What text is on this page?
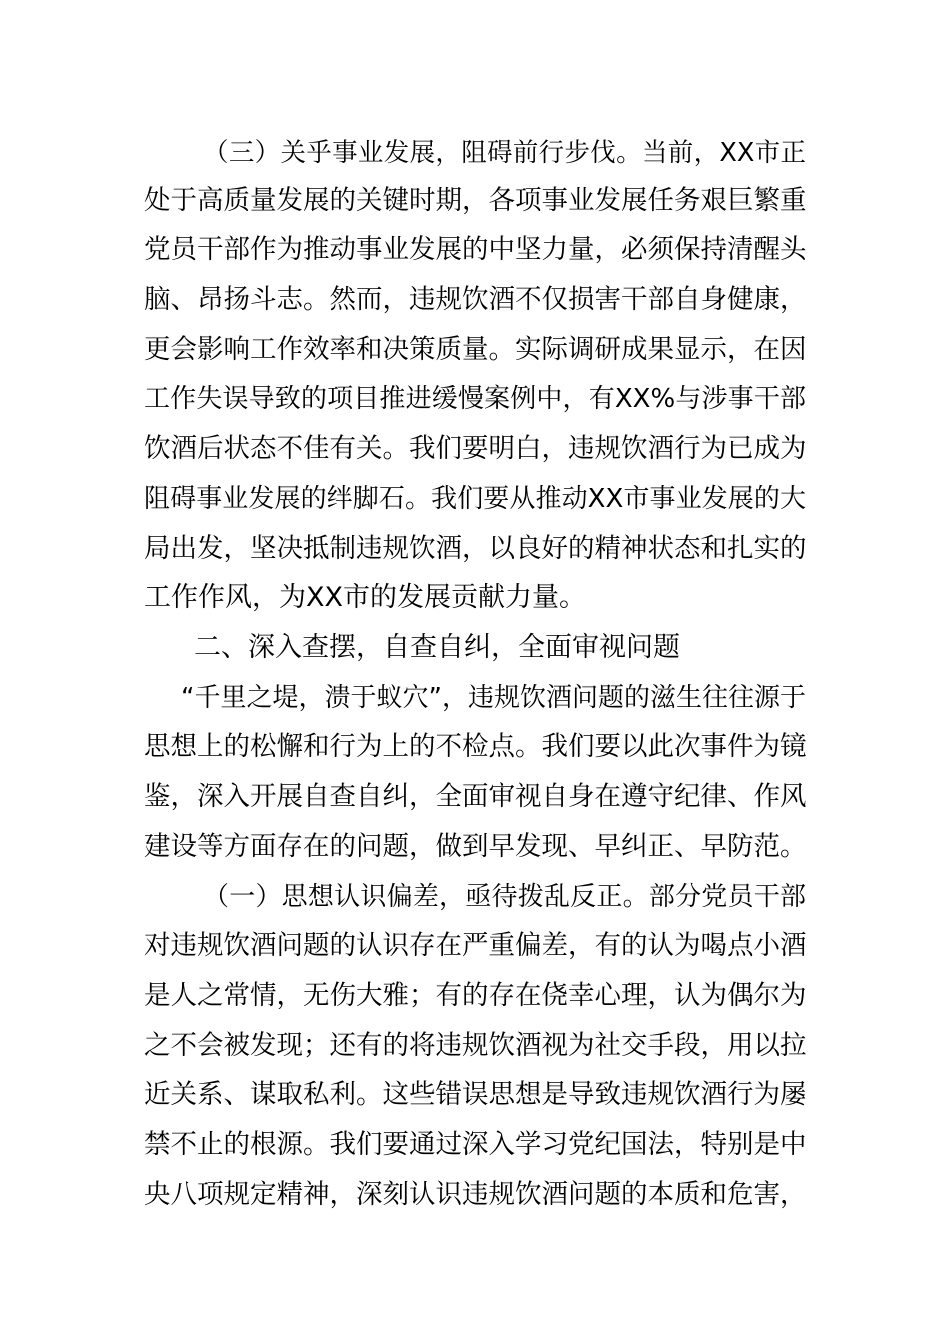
（三）关乎事业发展，阻碍前行步伐。当前，XX市正
处于高质量发展的关键时期，各项事业发展任务艰巨繁重
党员干部作为推动事业发展的中坚力量，必须保持清醒头
脑、昂扬斗志。然而，违规饮酒不仅损害干部自身健康，
更会影响工作效率和决策质量。实际调研成果显示，在因
工作失误导致的项目推进缓慢案例中，有XX%与涉事干部
饮酒后状态不佳有关。我们要明白，违规饮酒行为已成为
阻碍事业发展的绊脚石。我们要从推动XX市事业发展的大
局出发，坚决抵制违规饮酒，以良好的精神状态和扎实的
工作作风，为XX市的发展贡献力量。
二、深入查摆，自查自纠，全面审视问题
“千里之堤，溃于蚁穴”，违规饮酒问题的滋生往往源于
思想上的松懈和行为上的不检点。我们要以此次事件为镜
鉴，深入开展自查自纠，全面审视自身在遵守纪律、作风
建设等方面存在的问题，做到早发现、早纠正、早防范。
（一）思想认识偏差，亟待拨乱反正。部分党员干部
对违规饮酒问题的认识存在严重偏差，有的认为喝点小酒
是人之常情，无伤大雅；有的存在侥幸心理，认为偶尔为
之不会被发现；还有的将违规饮酒视为社交手段，用以拉
近关系、谋取私利。这些错误思想是导致违规饮酒行为屡
禁不止的根源。我们要通过深入学习党纪国法，特别是中
央八项规定精神，深刻认识违规饮酒问题的本质和危害，
